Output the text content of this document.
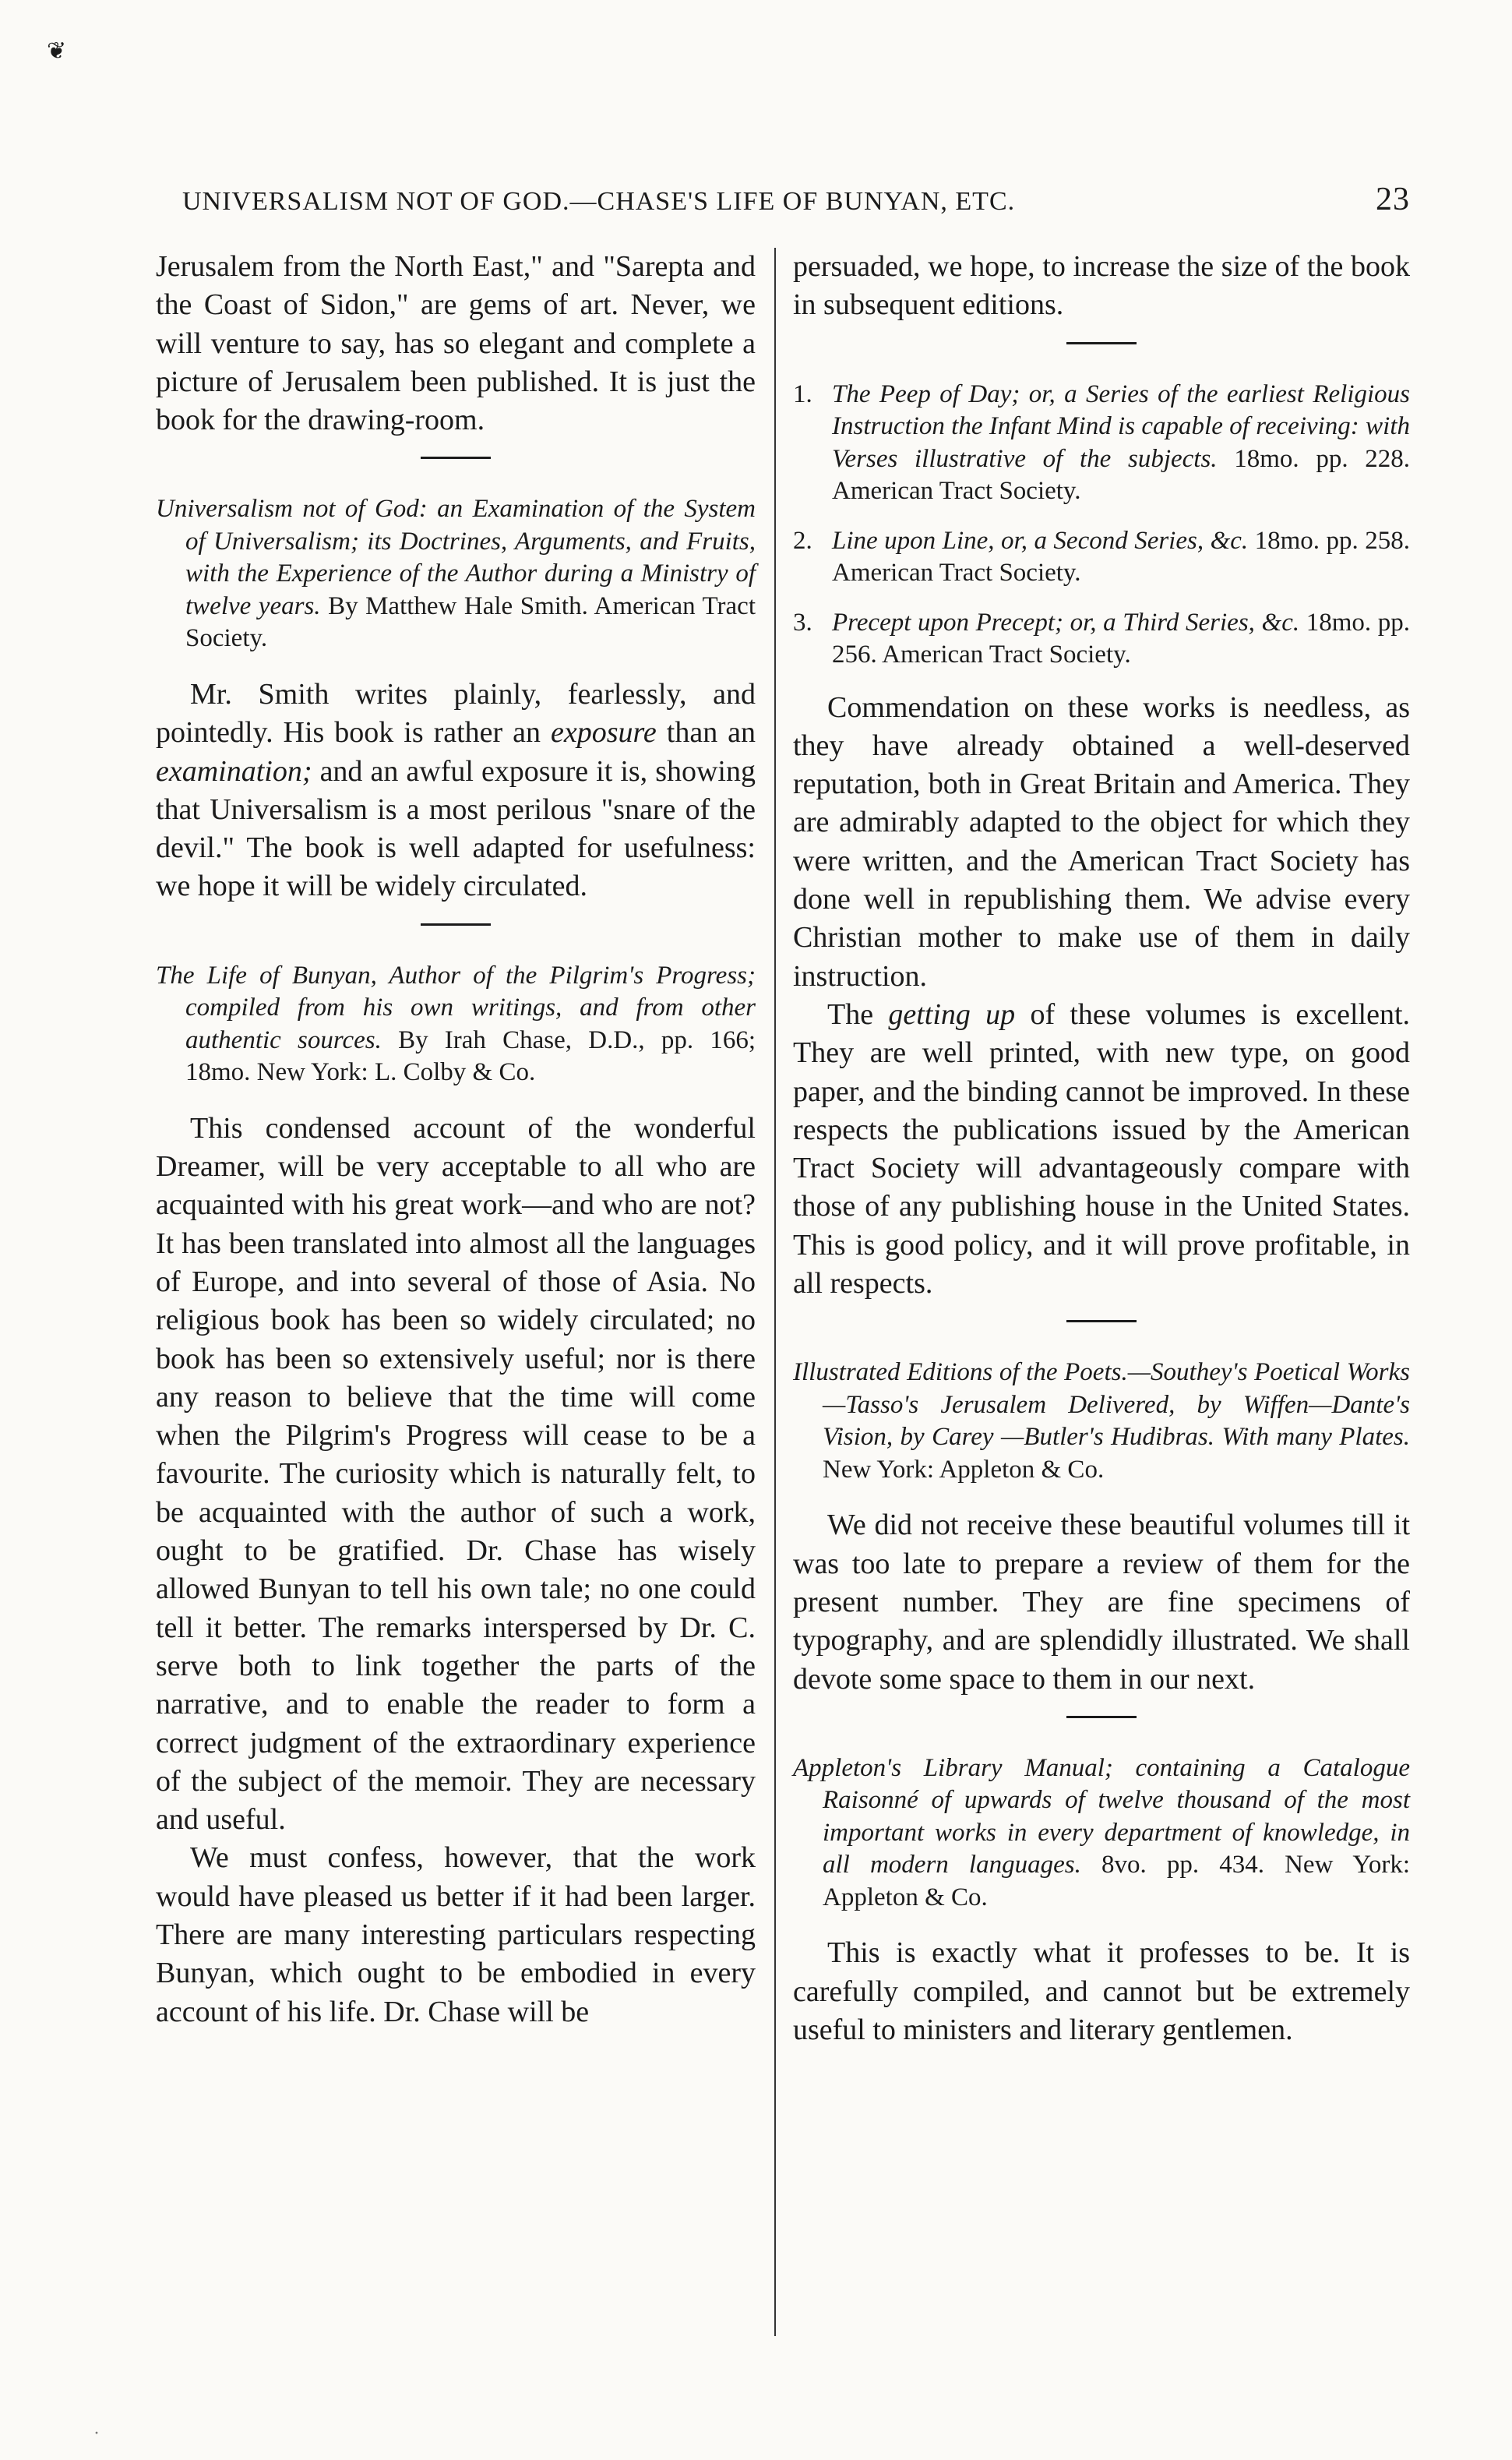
❦
UNIVERSALISM NOT OF GOD.—CHASE'S LIFE OF BUNYAN, ETC.	23

Jerusalem from the North East," and "Sarepta and the Coast of Sidon," are gems of art. Never, we will venture to say, has so elegant and complete a picture of Jerusalem been published. It is just the book for the drawing-room.

Universalism not of God: an Examination of the System of Universalism; its Doctrines, Arguments, and Fruits, with the Experience of the Author during a Ministry of twelve years. By Matthew Hale Smith. American Tract Society.

Mr. Smith writes plainly, fearlessly, and pointedly. His book is rather an exposure than an examination; and an awful exposure it is, showing that Universalism is a most perilous "snare of the devil." The book is well adapted for usefulness: we hope it will be widely circulated.

The Life of Bunyan, Author of the Pilgrim's Progress; compiled from his own writings, and from other authentic sources. By Irah Chase, D.D., pp. 166; 18mo. New York: L. Colby & Co.

This condensed account of the wonderful Dreamer, will be very acceptable to all who are acquainted with his great work—and who are not? It has been translated into almost all the languages of Europe, and into several of those of Asia. No religious book has been so widely circulated; no book has been so extensively useful; nor is there any reason to believe that the time will come when the Pilgrim's Progress will cease to be a favourite. The curiosity which is naturally felt, to be acquainted with the author of such a work, ought to be gratified. Dr. Chase has wisely allowed Bunyan to tell his own tale; no one could tell it better. The remarks interspersed by Dr. C. serve both to link together the parts of the narrative, and to enable the reader to form a correct judgment of the extraordinary experience of the subject of the memoir. They are necessary and useful.

We must confess, however, that the work would have pleased us better if it had been larger. There are many interesting particulars respecting Bunyan, which ought to be embodied in every account of his life. Dr. Chase will be

persuaded, we hope, to increase the size of the book in subsequent editions.

1. The Peep of Day; or, a Series of the earliest Religious Instruction the Infant Mind is capable of receiving: with Verses illustrative of the subjects. 18mo. pp. 228. American Tract Society.
2. Line upon Line, or, a Second Series, &c. 18mo. pp. 258. American Tract Society.
3. Precept upon Precept; or, a Third Series, &c. 18mo. pp. 256. American Tract Society.

Commendation on these works is needless, as they have already obtained a well-deserved reputation, both in Great Britain and America. They are admirably adapted to the object for which they were written, and the American Tract Society has done well in republishing them. We advise every Christian mother to make use of them in daily instruction.

The getting up of these volumes is excellent. They are well printed, with new type, on good paper, and the binding cannot be improved. In these respects the publications issued by the American Tract Society will advantageously compare with those of any publishing house in the United States. This is good policy, and it will prove profitable, in all respects.

Illustrated Editions of the Poets.—Southey's Poetical Works—Tasso's Jerusalem Delivered, by Wiffen—Dante's Vision, by Carey —Butler's Hudibras. With many Plates. New York: Appleton & Co.

We did not receive these beautiful volumes till it was too late to prepare a review of them for the present number. They are fine specimens of typography, and are splendidly illustrated. We shall devote some space to them in our next.

Appleton's Library Manual; containing a Catalogue Raisonné of upwards of twelve thousand of the most important works in every department of knowledge, in all modern languages. 8vo. pp. 434. New York: Appleton & Co.

This is exactly what it professes to be. It is carefully compiled, and cannot but be extremely useful to ministers and literary gentlemen.

·
